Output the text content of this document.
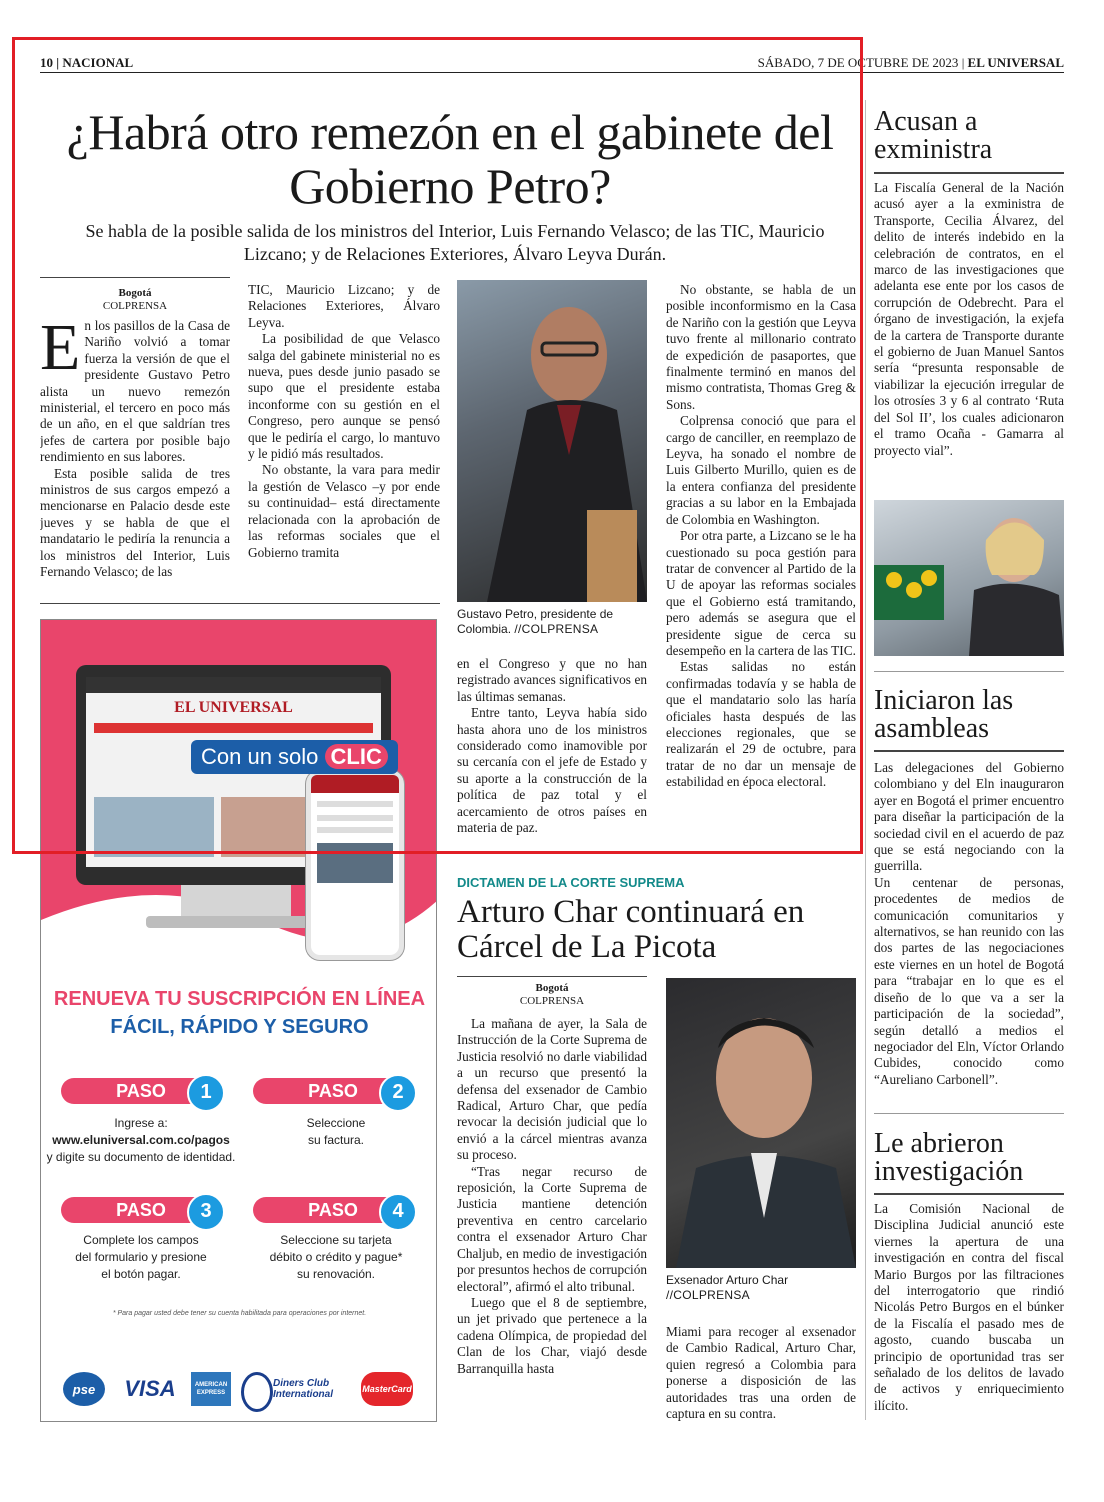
10 | NACIONAL	SÁBADO, 7 DE OCTUBRE DE 2023 | EL UNIVERSAL
¿Habrá otro remezón en el gabinete del Gobierno Petro?
Se habla de la posible salida de los ministros del Interior, Luis Fernando Velasco; de las TIC, Mauricio Lizcano; y de Relaciones Exteriores, Álvaro Leyva Durán.
Bogotá
COLPRENSA

En los pasillos de la Casa de Nariño volvió a tomar fuerza la versión de que el presidente Gustavo Petro alista un nuevo remezón ministerial, el tercero en poco más de un año, en el que saldrían tres jefes de cartera por posible bajo rendimiento en sus labores.

Esta posible salida de tres ministros de sus cargos empezó a mencionarse en Palacio desde este jueves y se habla de que el mandatario le pediría la renuncia a los ministros del Interior, Luis Fernando Velasco; de las

TIC, Mauricio Lizcano; y de Relaciones Exteriores, Álvaro Leyva.

La posibilidad de que Velasco salga del gabinete ministerial no es nueva, pues desde junio pasado se supo que el presidente estaba inconforme con su gestión en el Congreso, pero aunque se pensó que le pediría el cargo, lo mantuvo y le pidió más resultados.

No obstante, la vara para medir la gestión de Velasco –y por ende su continuidad– está directamente relacionada con la aprobación de las reformas sociales que el Gobierno tramita

Gustavo Petro, presidente de Colombia. //COLPRENSA

en el Congreso y que no han registrado avances significativos en las últimas semanas.

Entre tanto, Leyva había sido hasta ahora uno de los ministros considerado como inamovible por su cercanía con el jefe de Estado y su aporte a la construcción de la política de paz total y el acercamiento de otros países en materia de paz.

No obstante, se habla de un posible inconformismo en la Casa de Nariño con la gestión que Leyva tuvo frente al millonario contrato de expedición de pasaportes, que finalmente terminó en manos del mismo contratista, Thomas Greg & Sons.

Colprensa conoció que para el cargo de canciller, en reemplazo de Leyva, ha sonado el nombre de Luis Gilberto Murillo, quien es de la entera confianza del presidente gracias a su labor en la Embajada de Colombia en Washington.

Por otra parte, a Lizcano se le ha cuestionado su poca gestión para tratar de convencer al Partido de la U de apoyar las reformas sociales que el Gobierno está tramitando, pero además se asegura que el presidente sigue de cerca su desempeño en la cartera de las TIC.

Estas salidas no están confirmadas todavía y se habla de que el mandatario solo las haría oficiales hasta después de las elecciones regionales, que se realizarán el 29 de octubre, para tratar de no dar un mensaje de estabilidad en época electoral.

DICTAMEN DE LA CORTE SUPREMA
Arturo Char continuará en Cárcel de La Picota
Bogotá
COLPRENSA

La mañana de ayer, la Sala de Instrucción de la Corte Suprema de Justicia resolvió no darle viabilidad a un recurso que presentó la defensa del exsenador de Cambio Radical, Arturo Char, que pedía revocar la decisión judicial que lo envió a la cárcel mientras avanza su proceso.

“Tras negar recurso de reposición, la Corte Suprema de Justicia mantiene detención preventiva en centro carcelario contra el exsenador Arturo Char Chaljub, en medio de investigación por presuntos hechos de corrupción electoral”, afirmó el alto tribunal.

Luego que el 8 de septiembre, un jet privado que pertenece a la cadena Olímpica, de propiedad del Clan de los Char, viajó desde Barranquilla hasta

Exsenador Arturo Char //COLPRENSA

Miami para recoger al exsenador de Cambio Radical, Arturo Char, quien regresó a Colombia para ponerse a disposición de las autoridades tras una orden de captura en su contra.

Acusan a exministra

La Fiscalía General de la Nación acusó ayer a la exministra de Transporte, Cecilia Álvarez, del delito de interés indebido en la celebración de contratos, en el marco de las investigaciones que adelanta ese ente por los casos de corrupción de Odebrecht. Para el órgano de investigación, la exjefa de la cartera de Transporte durante el gobierno de Juan Manuel Santos sería “presunta responsable de viabilizar la ejecución irregular de los otrosíes 3 y 6 al contrato ‘Ruta del Sol II’, los cuales adicionaron el tramo Ocaña - Gamarra al proyecto vial”.

Iniciaron las asambleas

Las delegaciones del Gobierno colombiano y del Eln inauguraron ayer en Bogotá el primer encuentro para diseñar la participación de la sociedad civil en el acuerdo de paz que se está negociando con la guerrilla.

Un centenar de personas, procedentes de medios de comunicación comunitarios y alternativos, se han reunido con las dos partes de las negociaciones este viernes en un hotel de Bogotá para “trabajar en lo que es el diseño de lo que va a ser la participación de la sociedad”, según detalló a medios el negociador del Eln, Víctor Orlando Cubides, conocido como “Aureliano Carbonell”.

Le abrieron investigación

La Comisión Nacional de Disciplina Judicial anunció este viernes la apertura de una investigación en contra del fiscal Mario Burgos por las filtraciones del interrogatorio que rindió Nicolás Petro Burgos en el búnker de la Fiscalía el pasado mes de agosto, cuando buscaba un principio de oportunidad tras ser señalado de los delitos de lavado de activos y enriquecimiento ilícito.

EL UNIVERSAL
Con un solo CLIC
RENUEVA TU SUSCRIPCIÓN EN LÍNEA
FÁCIL, RÁPIDO Y SEGURO
PASO	1
Ingrese a:
www.eluniversal.com.co/pagos
y digite su documento de identidad.
PASO	2
Seleccione
su factura.
PASO	3
Complete los campos
del formulario y presione
el botón pagar.
PASO	4
Seleccione su tarjeta
débito o crédito y pague*
su renovación.
* Para pagar usted debe tener su cuenta habilitada para operaciones por internet.
pse	VISA	AMERICAN EXPRESS
Diners Club International	MasterCard
